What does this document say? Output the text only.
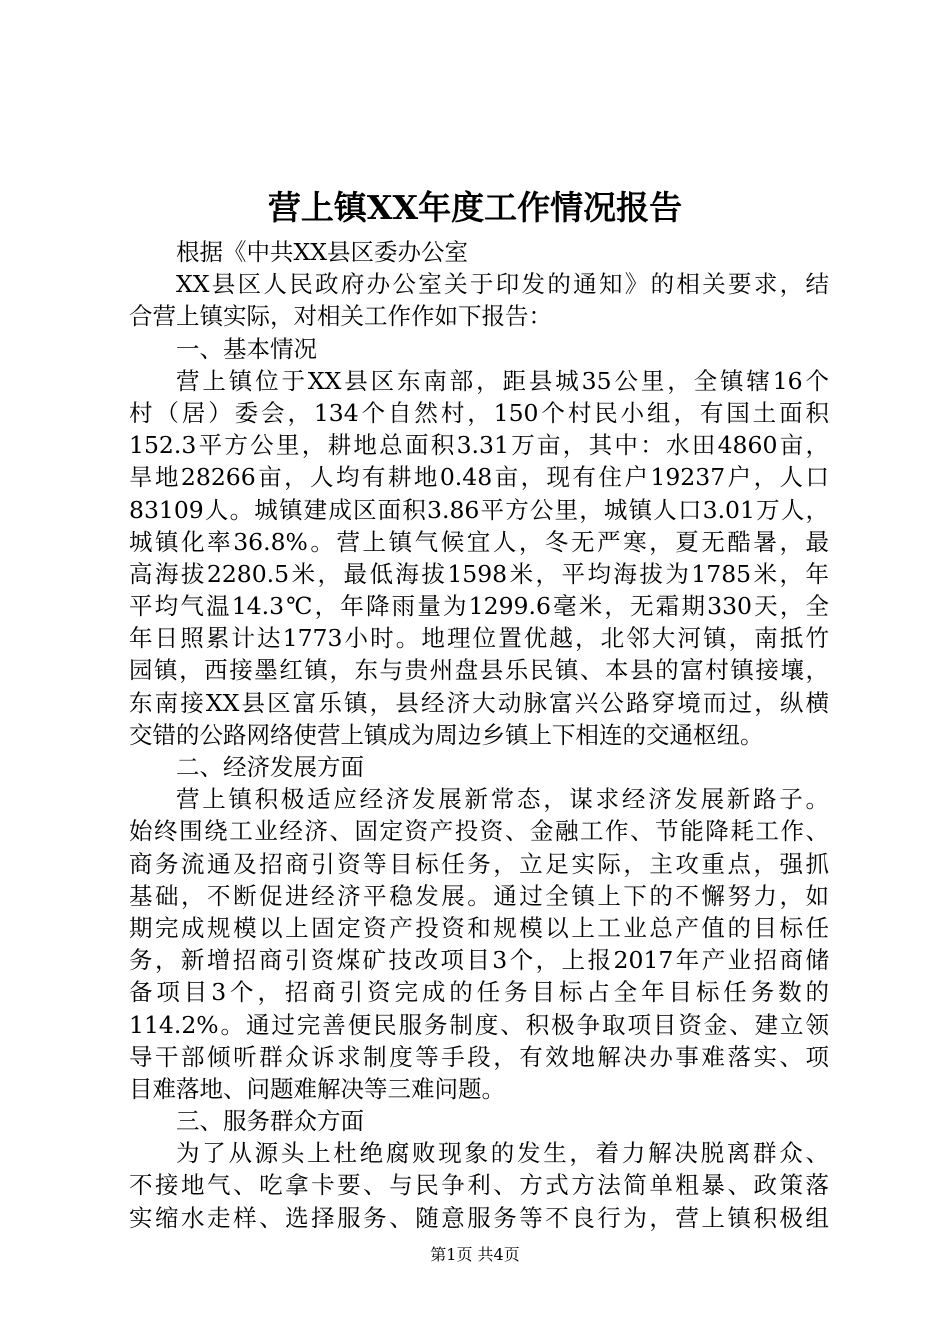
营上镇XX年度工作情况报告
根据《中共XX县区委办公室
XX县区人民政府办公室关于印发的通知》的相关要求，结
合营上镇实际，对相关工作作如下报告：
一、基本情况
营上镇位于XX县区东南部，距县城35公里，全镇辖16个
村（居）委会，134个自然村，150个村民小组，有国土面积
152.3平方公里，耕地总面积3.31万亩，其中：水田4860亩，
旱地28266亩，人均有耕地0.48亩，现有住户19237户，人口
83109人。城镇建成区面积3.86平方公里，城镇人口3.01万人，
城镇化率36.8%。营上镇气候宜人，冬无严寒，夏无酷暑，最
高海拔2280.5米，最低海拔1598米，平均海拔为1785米，年
平均气温14.3℃，年降雨量为1299.6毫米，无霜期330天，全
年日照累计达1773小时。地理位置优越，北邻大河镇，南抵竹
园镇，西接墨红镇，东与贵州盘县乐民镇、本县的富村镇接壤，
东南接XX县区富乐镇，县经济大动脉富兴公路穿境而过，纵横
交错的公路网络使营上镇成为周边乡镇上下相连的交通枢纽。
二、经济发展方面
营上镇积极适应经济发展新常态，谋求经济发展新路子。
始终围绕工业经济、固定资产投资、金融工作、节能降耗工作、
商务流通及招商引资等目标任务，立足实际，主攻重点，强抓
基础，不断促进经济平稳发展。通过全镇上下的不懈努力，如
期完成规模以上固定资产投资和规模以上工业总产值的目标任
务，新增招商引资煤矿技改项目3个，上报2017年产业招商储
备项目3个，招商引资完成的任务目标占全年目标任务数的
114.2%。通过完善便民服务制度、积极争取项目资金、建立领
导干部倾听群众诉求制度等手段，有效地解决办事难落实、项
目难落地、问题难解决等三难问题。
三、服务群众方面
为了从源头上杜绝腐败现象的发生，着力解决脱离群众、
不接地气、吃拿卡要、与民争利、方式方法简单粗暴、政策落
实缩水走样、选择服务、随意服务等不良行为，营上镇积极组
第1页 共4页
